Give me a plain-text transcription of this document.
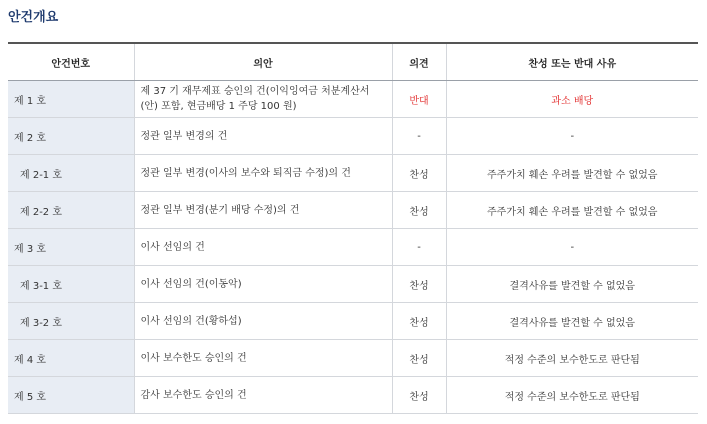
안건개요
안건번호	의안	의견	찬성 또는 반대 사유
제 1 호	제 37 기 재무제표 승인의 건(이익잉여금 처분계산서(안) 포함, 현금배당 1 주당 100 원)	반대	과소 배당
제 2 호	정관 일부 변경의 건	-	-
제 2-1 호	정관 일부 변경(이사의 보수와 퇴직금 수정)의 건	찬성	주주가치 훼손 우려를 발견할 수 없었음
제 2-2 호	정관 일부 변경(분기 배당 수정)의 건	찬성	주주가치 훼손 우려를 발견할 수 없었음
제 3 호	이사 선임의 건	-	-
제 3-1 호	이사 선임의 건(이동악)	찬성	결격사유를 발견할 수 없었음
제 3-2 호	이사 선임의 건(황하섭)	찬성	결격사유를 발견할 수 없었음
제 4 호	이사 보수한도 승인의 건	찬성	적정 수준의 보수한도로 판단됨
제 5 호	감사 보수한도 승인의 건	찬성	적정 수준의 보수한도로 판단됨
